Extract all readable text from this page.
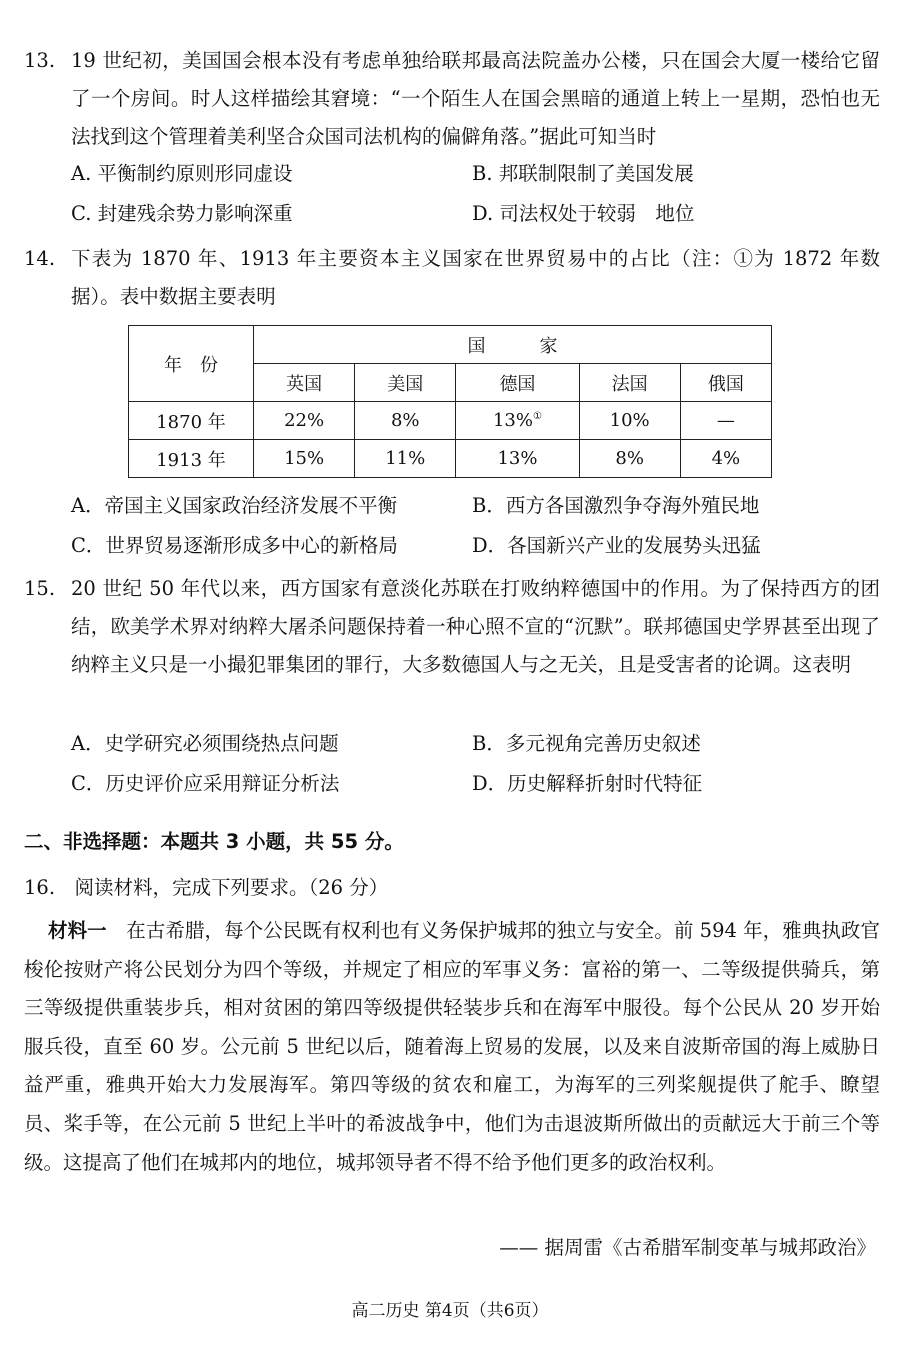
13. 19 世纪初，美国国会根本没有考虑单独给联邦最高法院盖办公楼，只在国会大厦一楼给它留了一个房间。时人这样描绘其窘境：“一个陌生人在国会黑暗的通道上转上一星期，恐怕也无法找到这个管理着美利坚合众国司法机构的偏僻角落。”据此可知当时
A. 平衡制约原则形同虚设	B. 邦联制限制了美国发展
C. 封建残余势力影响深重	D. 司法权处于较弱　地位
14. 下表为 1870 年、1913 年主要资本主义国家在世界贸易中的占比（注：①为 1872 年数据）。表中数据主要表明
年　份	国　　　家				
	英国	美国	德国	法国	俄国
1870 年	22%	8%	13%①	10%	—
1913 年	15%	11%	13%	8%	4%
A．帝国主义国家政治经济发展不平衡	B．西方各国激烈争夺海外殖民地
C．世界贸易逐渐形成多中心的新格局	D．各国新兴产业的发展势头迅猛
15. 20 世纪 50 年代以来，西方国家有意淡化苏联在打败纳粹德国中的作用。为了保持西方的团结，欧美学术界对纳粹大屠杀问题保持着一种心照不宣的“沉默”。联邦德国史学界甚至出现了纳粹主义只是一小撮犯罪集团的罪行，大多数德国人与之无关，且是受害者的论调。这表明
A．史学研究必须围绕热点问题	B．多元视角完善历史叙述
C．历史评价应采用辩证分析法	D．历史解释折射时代特征
二、非选择题：本题共 3 小题，共 55 分。
16.　阅读材料，完成下列要求。（26 分）
材料一　 在古希腊，每个公民既有权利也有义务保护城邦的独立与安全。前 594 年，雅典执政官梭伦按财产将公民划分为四个等级，并规定了相应的军事义务：富裕的第一、二等级提供骑兵，第三等级提供重装步兵，相对贫困的第四等级提供轻装步兵和在海军中服役。每个公民从 20 岁开始服兵役，直至 60 岁。公元前 5 世纪以后，随着海上贸易的发展，以及来自波斯帝国的海上威胁日益严重，雅典开始大力发展海军。第四等级的贫农和雇工，为海军的三列桨舰提供了舵手、瞭望员、桨手等，在公元前 5 世纪上半叶的希波战争中，他们为击退波斯所做出的贡献远大于前三个等级。这提高了他们在城邦内的地位，城邦领导者不得不给予他们更多的政治权利。
—— 据周雷《古希腊军制变革与城邦政治》
高二历史 第4页（共6页）
